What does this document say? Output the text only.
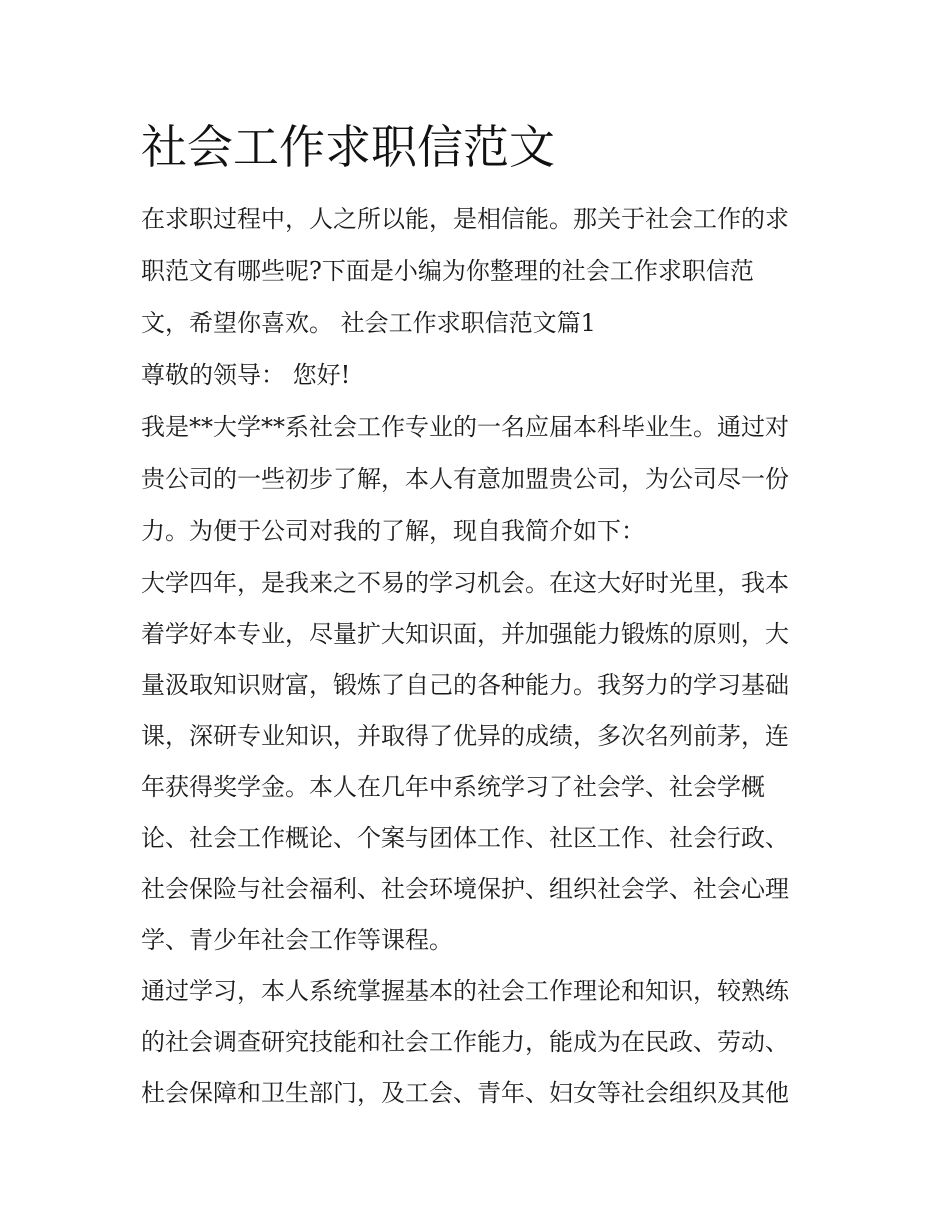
社会工作求职信范文

在求职过程中，人之所以能，是相信能。那关于社会工作的求

职范文有哪些呢?下面是小编为你整理的社会工作求职信范

文，希望你喜欢。 社会工作求职信范文篇1

尊敬的领导： 您好!

我是**大学**系社会工作专业的一名应届本科毕业生。通过对

贵公司的一些初步了解，本人有意加盟贵公司，为公司尽一份

力。为便于公司对我的了解，现自我简介如下：

大学四年，是我来之不易的学习机会。在这大好时光里，我本

着学好本专业，尽量扩大知识面，并加强能力锻炼的原则，大

量汲取知识财富，锻炼了自己的各种能力。我努力的学习基础

课，深研专业知识，并取得了优异的成绩，多次名列前茅，连

年获得奖学金。本人在几年中系统学习了社会学、社会学概

论、社会工作概论、个案与团体工作、社区工作、社会行政、

社会保险与社会福利、社会环境保护、组织社会学、社会心理

学、青少年社会工作等课程。

通过学习，本人系统掌握基本的社会工作理论和知识，较熟练

的社会调查研究技能和社会工作能力，能成为在民政、劳动、

杜会保障和卫生部门，及工会、青年、妇女等社会组织及其他
